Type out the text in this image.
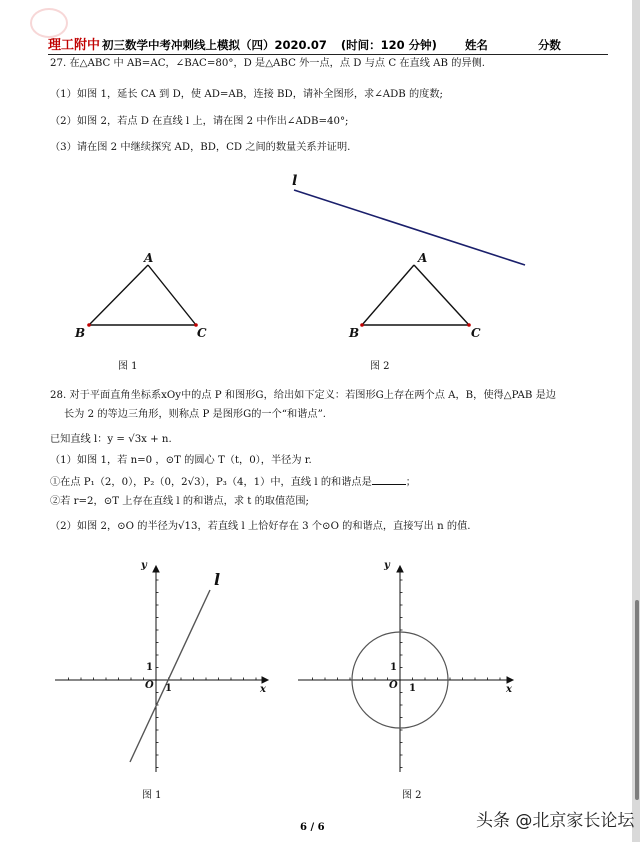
理工附中 初三数学中考冲刺线上模拟（四）2020.07 (时间：120 分钟) 姓名	分数
27. 在△ABC 中 AB=AC，∠BAC=80°，D 是△ABC 外一点，点 D 与点 C 在直线 AB 的异侧.
（1）如图 1，延长 CA 到 D，使 AD=AB，连接 BD，请补全图形，求∠ADB 的度数;
（2）如图 2，若点 D 在直线 l 上，请在图 2 中作出∠ADB=40°;
（3）请在图 2 中继续探究 AD，BD，CD 之间的数量关系并证明.
A
B	C
图 1
l
A
B	C
图 2
28. 对于平面直角坐标系xOy中的点 P 和图形G，给出如下定义：若图形G上存在两个点 A，B，使得△PAB 是边
长为 2 的等边三角形，则称点 P 是图形G的一个“和谐点”.
已知直线 l：y = √3x + n.
（1）如图 1，若 n=0 ，⊙T 的圆心 T（t，0），半径为 r.
①在点 P₁（2，0），P₂（0，2√3），P₃（4，1）中，直线 l 的和谐点是	；
②若 r=2，⊙T 上存在直线 l 的和谐点，求 t 的取值范围;
（2）如图 2，⊙O 的半径为√13，若直线 l 上恰好存在 3 个⊙O 的和谐点，直接写出 n 的值.
y
x
O
1
1
l
图 1
y
x
O
1
1
图 2
6 / 6	头条 @北京家长论坛
